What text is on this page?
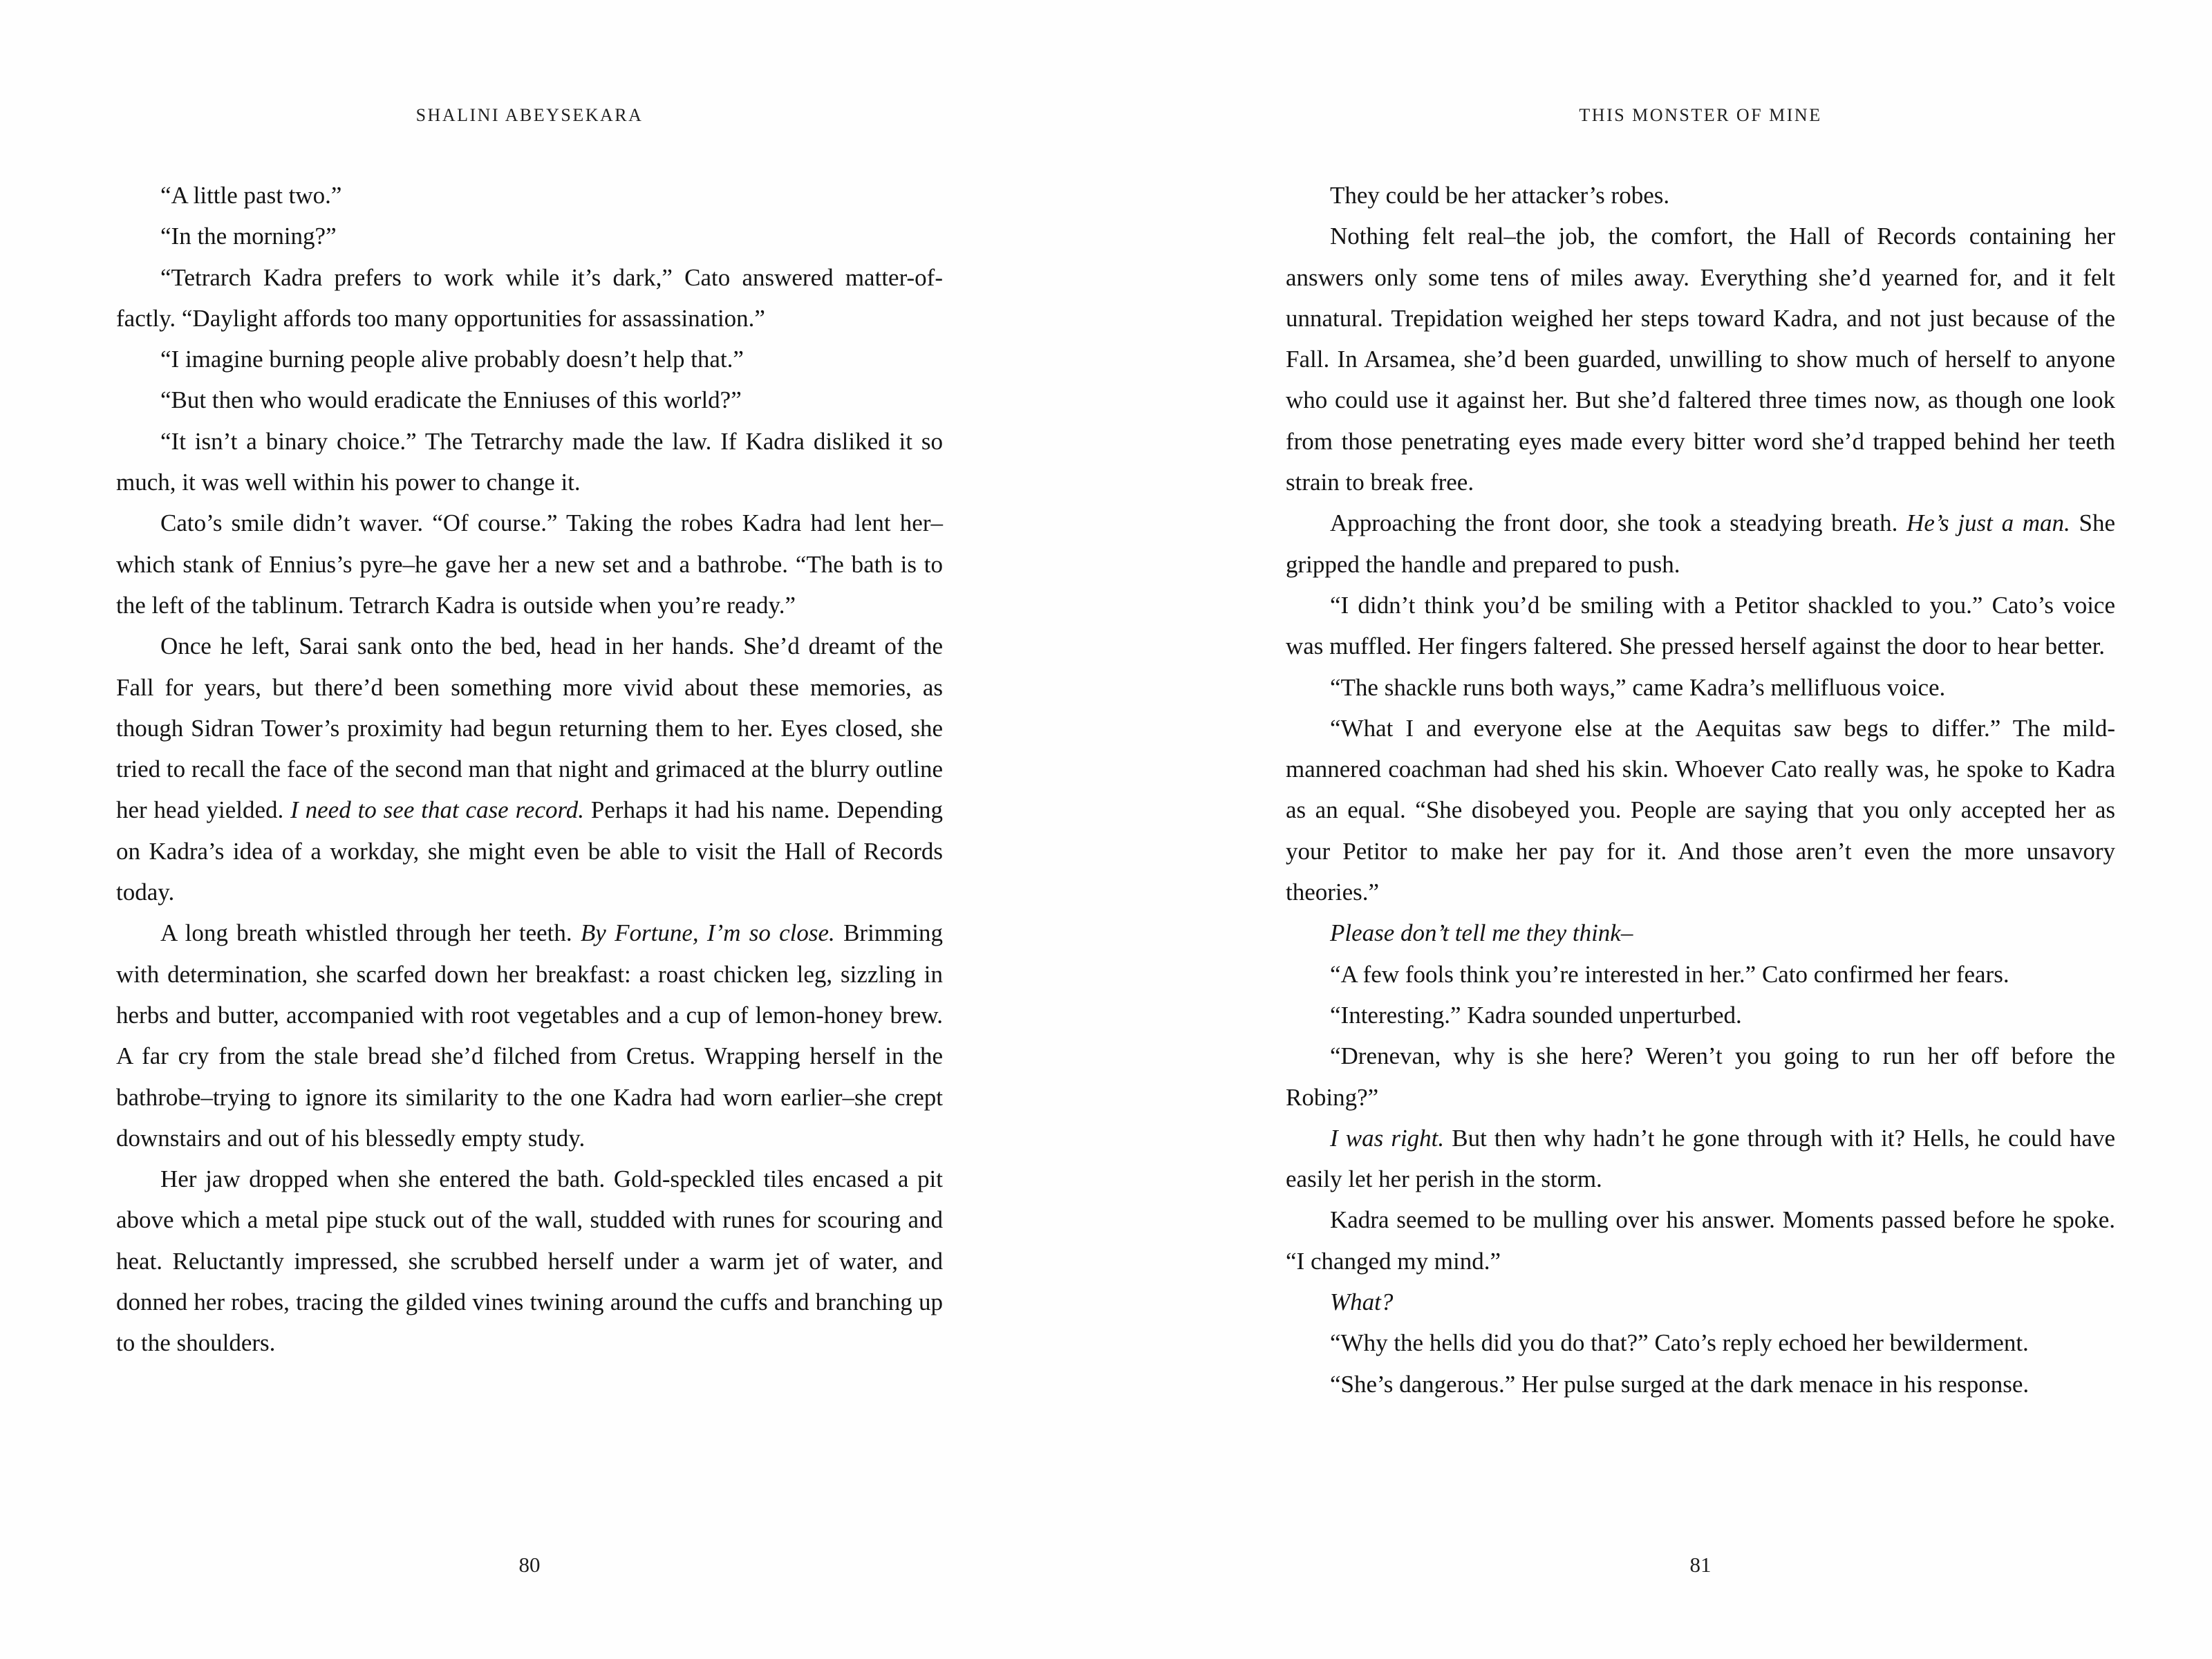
SHALINI ABEYSEKARA

“A little past two.”

“In the morning?”

“Tetrarch Kadra prefers to work while it’s dark,” Cato answered matter-of-factly. “Daylight affords too many opportunities for assassination.”

“I imagine burning people alive probably doesn’t help that.”

“But then who would eradicate the Enniuses of this world?”

“It isn’t a binary choice.” The Tetrarchy made the law. If Kadra disliked it so much, it was well within his power to change it.

Cato’s smile didn’t waver. “Of course.” Taking the robes Kadra had lent her–which stank of Ennius’s pyre–he gave her a new set and a bathrobe. “The bath is to the left of the tablinum. Tetrarch Kadra is outside when you’re ready.”

Once he left, Sarai sank onto the bed, head in her hands. She’d dreamt of the Fall for years, but there’d been something more vivid about these memories, as though Sidran Tower’s proximity had begun returning them to her. Eyes closed, she tried to recall the face of the second man that night and grimaced at the blurry outline her head yielded. I need to see that case record. Perhaps it had his name. Depending on Kadra’s idea of a workday, she might even be able to visit the Hall of Records today.

A long breath whistled through her teeth. By Fortune, I’m so close. Brimming with determination, she scarfed down her breakfast: a roast chicken leg, sizzling in herbs and butter, accompanied with root vegetables and a cup of lemon-honey brew. A far cry from the stale bread she’d filched from Cretus. Wrapping herself in the bathrobe–trying to ignore its similarity to the one Kadra had worn earlier–she crept downstairs and out of his blessedly empty study.

Her jaw dropped when she entered the bath. Gold-speckled tiles encased a pit above which a metal pipe stuck out of the wall, studded with runes for scouring and heat. Reluctantly impressed, she scrubbed herself under a warm jet of water, and donned her robes, tracing the gilded vines twining around the cuffs and branching up to the shoulders.

80
THIS MONSTER OF MINE

They could be her attacker’s robes.

Nothing felt real–the job, the comfort, the Hall of Records containing her answers only some tens of miles away. Everything she’d yearned for, and it felt unnatural. Trepidation weighed her steps toward Kadra, and not just because of the Fall. In Arsamea, she’d been guarded, unwilling to show much of herself to anyone who could use it against her. But she’d faltered three times now, as though one look from those penetrating eyes made every bitter word she’d trapped behind her teeth strain to break free.

Approaching the front door, she took a steadying breath. He’s just a man. She gripped the handle and prepared to push.

“I didn’t think you’d be smiling with a Petitor shackled to you.” Cato’s voice was muffled. Her fingers faltered. She pressed herself against the door to hear better.

“The shackle runs both ways,” came Kadra’s mellifluous voice.

“What I and everyone else at the Aequitas saw begs to differ.” The mild-mannered coachman had shed his skin. Whoever Cato really was, he spoke to Kadra as an equal. “She disobeyed you. People are saying that you only accepted her as your Petitor to make her pay for it. And those aren’t even the more unsavory theories.”

Please don’t tell me they think–

“A few fools think you’re interested in her.” Cato confirmed her fears.

“Interesting.” Kadra sounded unperturbed.

“Drenevan, why is she here? Weren’t you going to run her off before the Robing?”

I was right. But then why hadn’t he gone through with it? Hells, he could have easily let her perish in the storm.

Kadra seemed to be mulling over his answer. Moments passed before he spoke. “I changed my mind.”

What?

“Why the hells did you do that?” Cato’s reply echoed her bewilderment.

“She’s dangerous.” Her pulse surged at the dark menace in his response.

81
